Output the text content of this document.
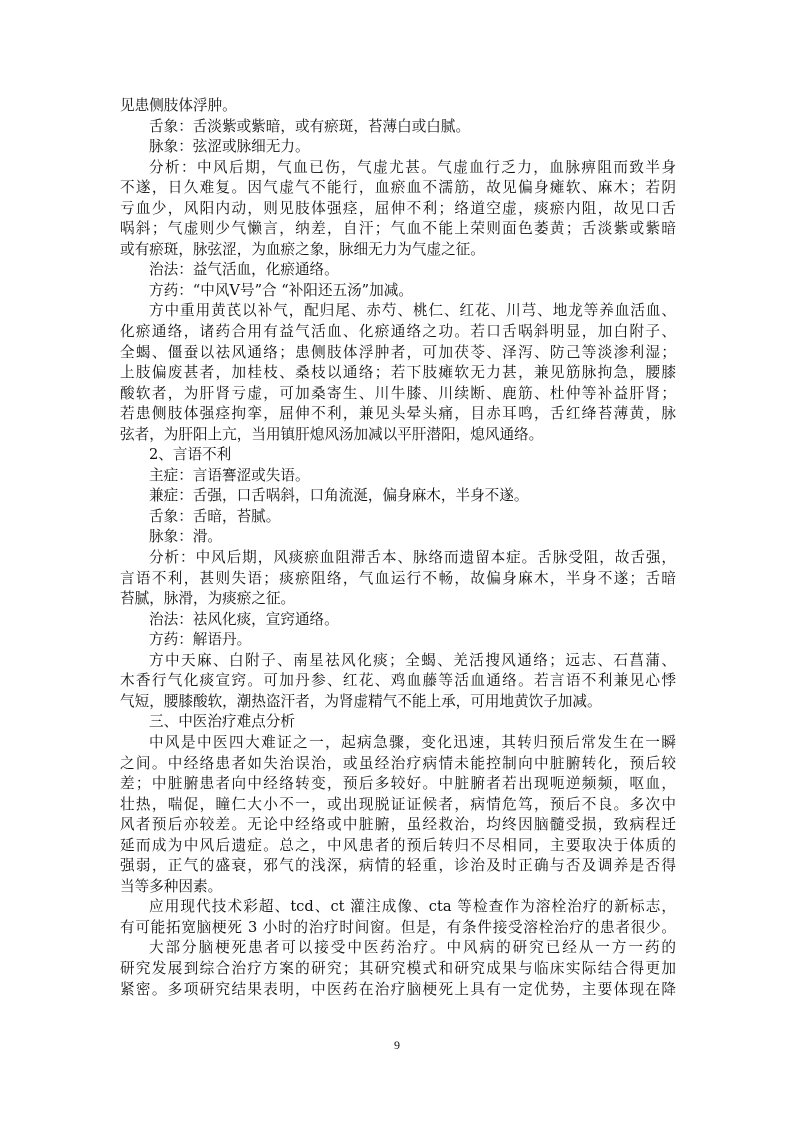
见患侧肢体浮肿。
舌象：舌淡紫或紫暗，或有瘀斑，苔薄白或白腻。
脉象：弦涩或脉细无力。
分析：中风后期，气血已伤，气虚尤甚。气虚血行乏力，血脉痹阻而致半身
不遂，日久难复。因气虚气不能行，血瘀血不濡筋，故见偏身瘫软、麻木；若阴
亏血少，风阳内动，则见肢体强痉，屈伸不利；络道空虚，痰瘀内阻，故见口舌
㖞斜；气虚则少气懒言，纳差，自汗；气血不能上荣则面色萎黄；舌淡紫或紫暗
或有瘀斑，脉弦涩，为血瘀之象，脉细无力为气虚之征。
治法：益气活血，化瘀通络。
方药：“中风Ⅴ号”合 “补阳还五汤”加减。
方中重用黄芪以补气，配归尾、赤芍、桃仁、红花、川芎、地龙等养血活血、
化瘀通络，诸药合用有益气活血、化瘀通络之功。若口舌㖞斜明显，加白附子、
全蝎、僵蚕以祛风通络；患侧肢体浮肿者，可加茯苓、泽泻、防己等淡渗利湿；
上肢偏废甚者，加桂枝、桑枝以通络；若下肢瘫软无力甚，兼见筋脉拘急，腰膝
酸软者，为肝肾亏虚，可加桑寄生、川牛膝、川续断、鹿筋、杜仲等补益肝肾；
若患侧肢体强痉拘挛，屈伸不利，兼见头晕头痛，目赤耳鸣，舌红绛苔薄黄，脉
弦者，为肝阳上亢，当用镇肝熄风汤加减以平肝潜阳，熄风通络。
2、言语不利
主症：言语謇涩或失语。
兼症：舌强，口舌㖞斜，口角流涎，偏身麻木，半身不遂。
舌象：舌暗，苔腻。
脉象：滑。
分析：中风后期，风痰瘀血阻滞舌本、脉络而遗留本症。舌脉受阻，故舌强，
言语不利，甚则失语；痰瘀阻络，气血运行不畅，故偏身麻木，半身不遂；舌暗
苔腻，脉滑，为痰瘀之征。
治法：祛风化痰，宣窍通络。
方药：解语丹。
方中天麻、白附子、南星祛风化痰；全蝎、羌活搜风通络；远志、石菖蒲、
木香行气化痰宣窍。可加丹参、红花、鸡血藤等活血通络。若言语不利兼见心悸
气短，腰膝酸软，潮热盗汗者，为肾虚精气不能上承，可用地黄饮子加减。
三、中医治疗难点分析
中风是中医四大难证之一，起病急骤，变化迅速，其转归预后常发生在一瞬
之间。中经络患者如失治误治，或虽经治疗病情未能控制向中脏腑转化，预后较
差；中脏腑患者向中经络转变，预后多较好。中脏腑者若出现呃逆频频，呕血，
壮热，喘促，瞳仁大小不一，或出现脱证证候者，病情危笃，预后不良。多次中
风者预后亦较差。无论中经络或中脏腑，虽经救治，均终因脑髓受损，致病程迁
延而成为中风后遗症。总之，中风患者的预后转归不尽相同，主要取决于体质的
强弱，正气的盛衰，邪气的浅深，病情的轻重，诊治及时正确与否及调养是否得
当等多种因素。
应用现代技术彩超、tcd、ct 灌注成像、cta 等检查作为溶栓治疗的新标志，
有可能拓宽脑梗死 3 小时的治疗时间窗。但是，有条件接受溶栓治疗的患者很少。
大部分脑梗死患者可以接受中医药治疗。中风病的研究已经从一方一药的
研究发展到综合治疗方案的研究；其研究模式和研究成果与临床实际结合得更加
紧密。多项研究结果表明，中医药在治疗脑梗死上具有一定优势，主要体现在降
9
